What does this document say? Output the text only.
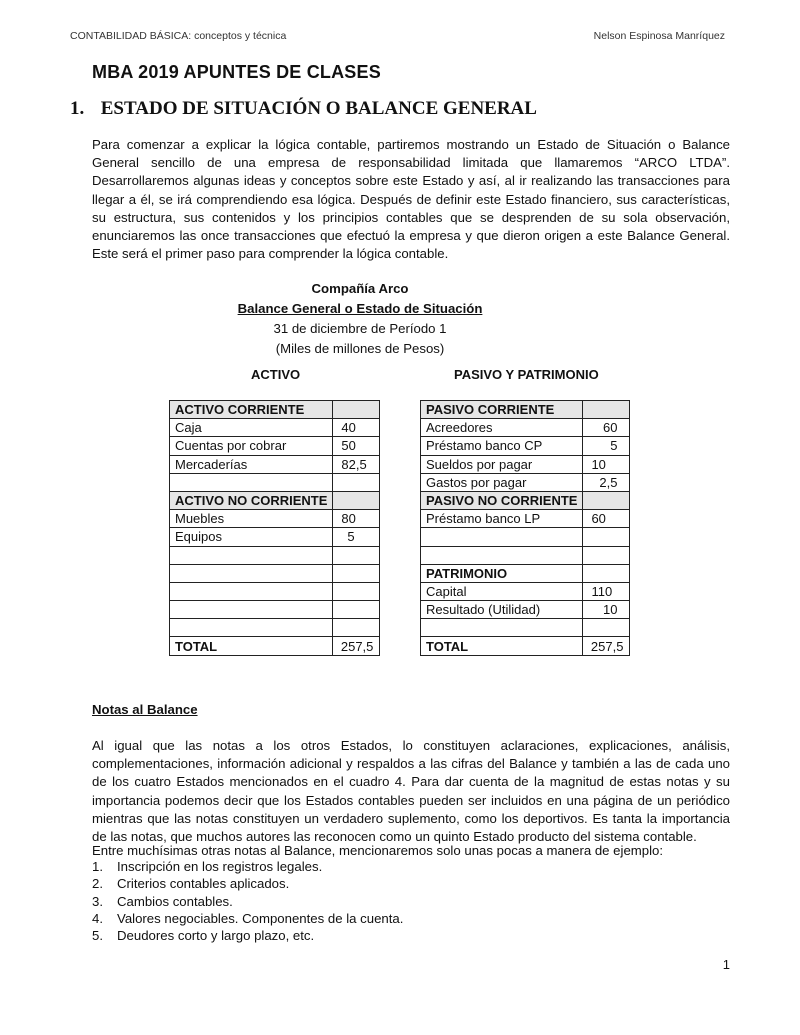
CONTABILIDAD BÁSICA: conceptos y técnica	Nelson Espinosa Manríquez
MBA 2019 APUNTES DE CLASES
1. ESTADO DE SITUACIÓN O BALANCE GENERAL

Para comenzar a explicar la lógica contable, partiremos mostrando un Estado de Situación o Balance General sencillo de una empresa de responsabilidad limitada que llamaremos “ARCO LTDA”. Desarrollaremos algunas ideas y conceptos sobre este Estado y así, al ir realizando las transacciones para llegar a él, se irá comprendiendo esa lógica. Después de definir este Estado financiero, sus características, su estructura, sus contenidos y los principios contables que se desprenden de su sola observación, enunciaremos las once transacciones que efectuó la empresa y que dieron origen a este Balance General. Este será el primer paso para comprender la lógica contable.

Compañía Arco
Balance General o Estado de Situación
31 de diciembre de Período 1
(Miles de millones de Pesos)
ACTIVO	PASIVO Y PATRIMONIO
ACTIVO CORRIENTE	
Caja	40
Cuentas por cobrar	50
Mercaderías	82,5

ACTIVO NO CORRIENTE	
Muebles	80
Equipos	5

TOTAL	257,5
PASIVO CORRIENTE	
Acreedores	60
Préstamo banco CP	5
Sueldos por pagar	10
Gastos por pagar	2,5
PASIVO NO CORRIENTE	
Préstamo banco LP	60

PATRIMONIO	
Capital	110
Resultado (Utilidad)	10

TOTAL	257,5
Notas al Balance

Al igual que las notas a los otros Estados, lo constituyen aclaraciones, explicaciones, análisis, complementaciones, información adicional y respaldos a las cifras del Balance y también a las de cada uno de los cuatro Estados mencionados en el cuadro 4. Para dar cuenta de la magnitud de estas notas y su importancia podemos decir que los Estados contables pueden ser incluidos en una página de un periódico mientras que las notas constituyen un verdadero suplemento, como los deportivos. Es tanta la importancia de las notas, que muchos autores las reconocen como un quinto Estado producto del sistema contable.

Entre muchísimas otras notas al Balance, mencionaremos solo unas pocas a manera de ejemplo:
1. Inscripción en los registros legales.
2. Criterios contables aplicados.
3. Cambios contables.
4. Valores negociables. Componentes de la cuenta.
5. Deudores corto y largo plazo, etc.
1
